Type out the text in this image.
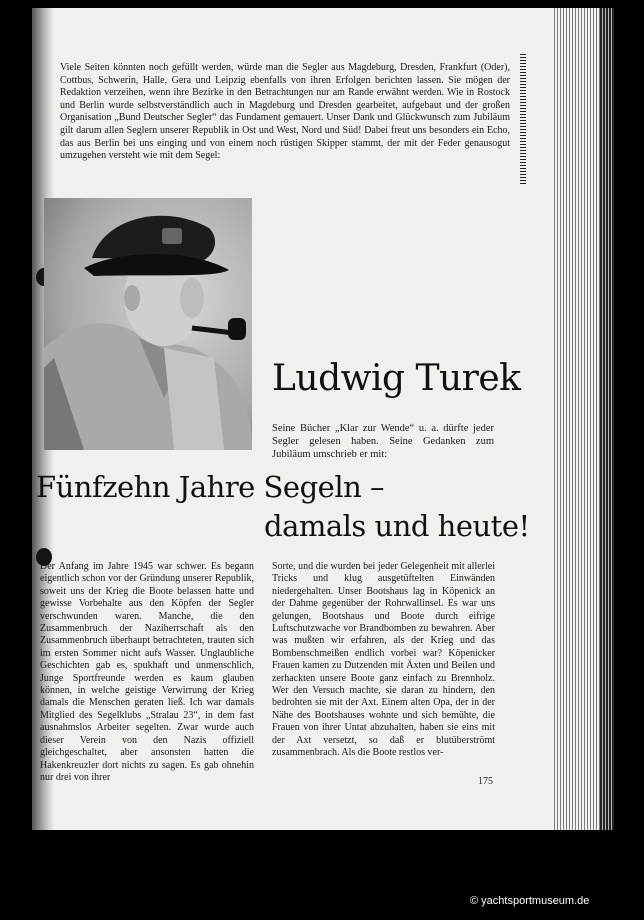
Viele Seiten könnten noch gefüllt werden, würde man die Segler aus Magdeburg, Dresden, Frankfurt (Oder), Cottbus, Schwerin, Halle, Gera und Leipzig ebenfalls von ihren Erfolgen berichten lassen. Sie mögen der Redaktion verzeihen, wenn ihre Bezirke in den Betrachtungen nur am Rande erwähnt werden. Wie in Rostock und Berlin wurde selbstverständlich auch in Magdeburg und Dresden gearbeitet, aufgebaut und der großen Organisation „Bund Deutscher Segler“ das Fundament gemauert. Unser Dank und Glückwunsch zum Jubiläum gilt darum allen Seglern unserer Republik in Ost und West, Nord und Süd! Dabei freut uns besonders ein Echo, das aus Berlin bei uns einging und von einem noch rüstigen Skipper stammt, der mit der Feder genausogut umzugehen versteht wie mit dem Segel:

Ludwig Turek

Seine Bücher „Klar zur Wende“ u. a. dürfte jeder Segler gelesen haben. Seine Gedanken zum Jubiläum umschrieb er mit:

Fünfzehn Jahre Segeln –
damals und heute!

Der Anfang im Jahre 1945 war schwer. Es begann eigentlich schon vor der Gründung unserer Republik, soweit uns der Krieg die Boote belassen hatte und gewisse Vorbehalte aus den Köpfen der Segler verschwunden waren. Manche, die den Zusammenbruch der Naziherrschaft als den Zusammenbruch überhaupt betrachteten, trauten sich im ersten Sommer nicht aufs Wasser. Unglaubliche Geschichten gab es, spukhaft und unmenschlich, Junge Sportfreunde werden es kaum glauben können, in welche geistige Verwirrung der Krieg damals die Menschen geraten ließ. Ich war damals Mitglied des Segelklubs „Stralau 23“, in dem fast ausnahmslos Arbeiter segelten. Zwar wurde auch dieser Verein von den Nazis offiziell gleichgeschaltet, aber ansonsten hatten die Hakenkreuzler dort nichts zu sagen. Es gab ohnehin nur drei von ihrer

Sorte, und die wurden bei jeder Gelegenheit mit allerlei Tricks und klug ausgetüftelten Einwänden niedergehalten. Unser Bootshaus lag in Köpenick an der Dahme gegenüber der Rohrwallinsel. Es war uns gelungen, Bootshaus und Boote durch eifrige Luftschutzwache vor Brandbomben zu bewahren. Aber was mußten wir erfahren, als der Krieg und das Bombenschmeißen endlich vorbei war? Köpenicker Frauen kamen zu Dutzenden mit Äxten und Beilen und zerhackten unsere Boote ganz einfach zu Brennholz. Wer den Versuch machte, sie daran zu hindern, den bedrohten sie mit der Axt. Einem alten Opa, der in der Nähe des Bootshauses wohnte und sich bemühte, die Frauen von ihrer Untat abzuhalten, haben sie eins mit der Axt versetzt, so daß er blutüberströmt zusammenbrach. Als die Boote restlos ver-

175
© yachtsportmuseum.de
